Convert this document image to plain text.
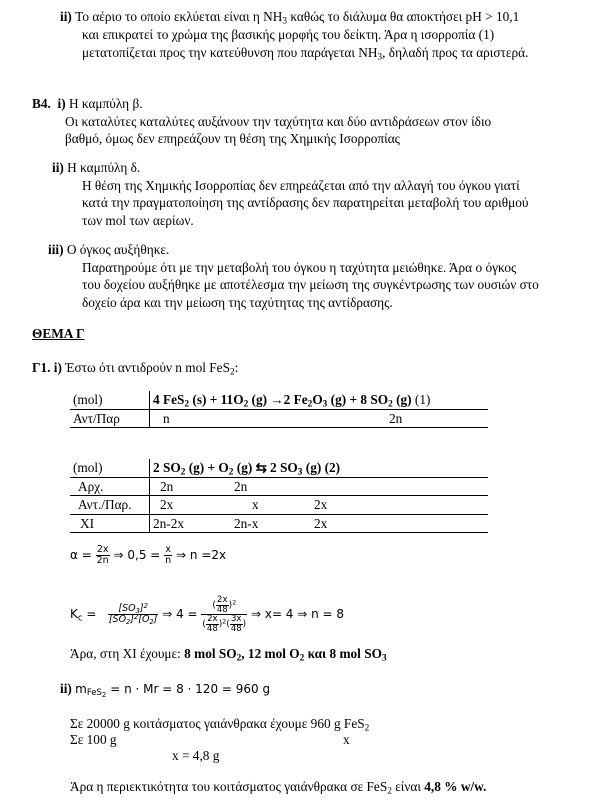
ii) Το αέριο το οποίο εκλύεται είναι η $NH_3$ καθώς το διάλυμα θα αποκτήσει pH > 10,1
και επικρατεί το χρώμα της βασικής μορφής του δείκτη. Άρα η ισορροπία (1)
μετατοπίζεται προς την κατεύθυνση που παράγεται $NH_3$, δηλαδή προς τα αριστερά.
Β4. i) Η καμπύλη β.
Οι καταλύτες καταλύτες αυξάνουν την ταχύτητα και δύο αντιδράσεων στον ίδιο
βαθμό, όμως δεν επηρεάζουν τη θέση της Χημικής Ισορροπίας
ii) Η καμπύλη δ.
Η θέση της Χημικής Ισορροπίας δεν επηρεάζεται από την αλλαγή του όγκου γιατί
κατά την πραγματοποίηση της αντίδρασης δεν παρατηρείται μεταβολή του αριθμού
των mol των αερίων.
iii) Ο όγκος αυξήθηκε.
Παρατηρούμε ότι με την μεταβολή του όγκου η ταχύτητα μειώθηκε. Άρα ο όγκος
του δοχείου αυξήθηκε με αποτέλεσμα την μείωση της συγκέντρωσης των ουσιών στο
δοχείο άρα και την μείωση της ταχύτητας της αντίδρασης.
ΘΕΜΑ Γ
Γ1. i) Έστω ότι αντιδρούν n mol FeS$_2$:
(mol)	4 FeS$_2$ $(s) + 11O_2$ (g) →2 $Fe_2O_3$ (g) + 8 $SO_2$ (g) (1)
Αντ/Παρ	n 2n
(mol)	2 $SO_2$ $(g) + O_2$ (g) ⇆ 2 $SO_3$ (g) (2)		
Αρχ.	2n	2n	
Αντ./Παρ.	2x	x	2x
ΧΙ	2n-2x	2n-x	2x
$\alpha = \frac{2x}{2n}$ ⇒ $0,5 = \frac{x}{n}$ ⇒ n =2x
$K_c = \frac{[SO_3]^2}{[SO_2]^2[O_2]}$ ⇒ $4 = \frac{( \frac{2x}{48} )^2}{( \frac{2x}{48} )^2( \frac{3x}{48} )}$ ⇒ x= 4 ⇒ n = 8
Άρα, στη ΧΙ έχουμε: 8 mol $SO_2$, 12 mol $O_2$ και 8 mol $SO_3$
ii) $m_{FeS_2} = n \cdot Mr = 8 \cdot 120 = 960$ g
Σε 20000 g κοιτάσματος γαιάνθρακα έχουμε 960 g FeS$_2$
Σε 100 g	x
x = 4,8 g
Άρα η περιεκτικότητα του κοιτάσματος γαιάνθρακα σε FeS$_2$ είναι 4,8 % w/w.
